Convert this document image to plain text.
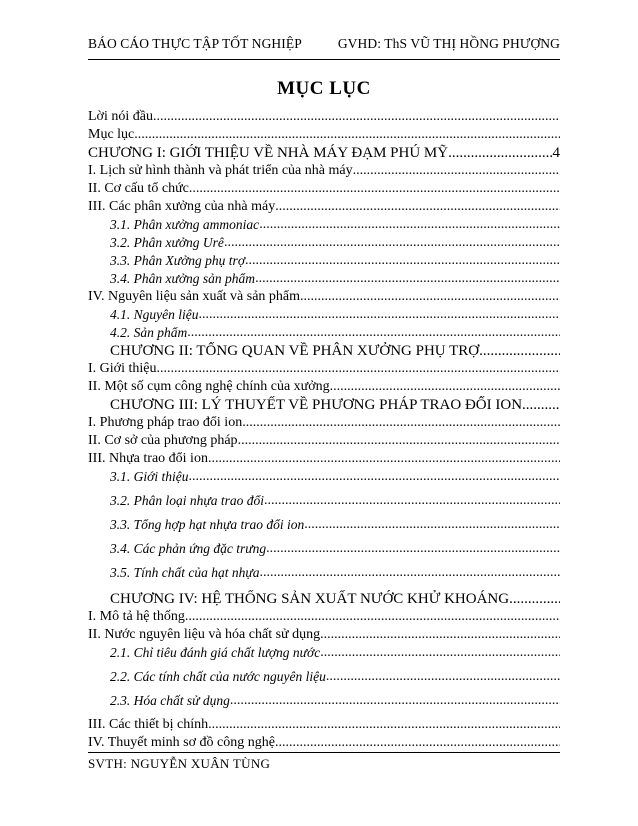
BÁO CÁO THỰC TẬP TỐT NGHIỆP	GVHD: ThS VŨ THỊ HỒNG PHƯỢNG
MỤC LỤC
Lời nói đầu
.....
Mục lục
.....
CHƯƠNG I: GIỚI THIỆU VỀ NHÀ MÁY ĐẠM PHÚ MỸ
.....	4
I. Lịch sử hình thành và phát triển của nhà máy
.....
II. Cơ cấu tổ chức
.....
III. Các phân xưởng của nhà máy
.....
3.1. Phân xưởng ammoniac
.....
3.2. Phân xưởng Urê
.....
3.3. Phân Xưởng phụ trợ
.....
3.4. Phân xưởng sản phẩm
.....
IV. Nguyên liệu sản xuất và sản phẩm
.....
4.1. Nguyên liệu
.....
4.2. Sản phẩm
.....
CHƯƠNG II: TỔNG QUAN VỀ PHÂN XƯỞNG PHỤ TRỢ
.....
I. Giới thiệu
.....
II. Một số cụm công nghệ chính của xưởng
.....
CHƯƠNG III: LÝ THUYẾT VỀ PHƯƠNG PHÁP TRAO ĐỔI ION
.....
I. Phương pháp trao đổi ion
.....
II. Cơ sở của phương pháp
.....
III. Nhựa trao đổi ion
.....
3.1. Giới thiệu
.....
3.2. Phân loại nhựa trao đổi
.....
3.3. Tổng hợp hạt nhựa trao đổi ion
.....
3.4. Các phản ứng đặc trưng
.....
3.5. Tính chất của hạt nhựa
.....
CHƯƠNG IV: HỆ THỐNG SẢN XUẤT NƯỚC KHỬ KHOÁNG
.....
I. Mô tả hệ thống
.....
II. Nước nguyên liệu và hóa chất sử dụng
.....
2.1. Chỉ tiêu đánh giá chất lượng nước
.....
2.2. Các tính chất của nước nguyên liệu
.....
2.3. Hóa chất sử dụng
.....
III. Các thiết bị chính
.....
IV. Thuyết minh sơ đồ công nghệ
.....
SVTH: NGUYỄN XUÂN TÙNG
